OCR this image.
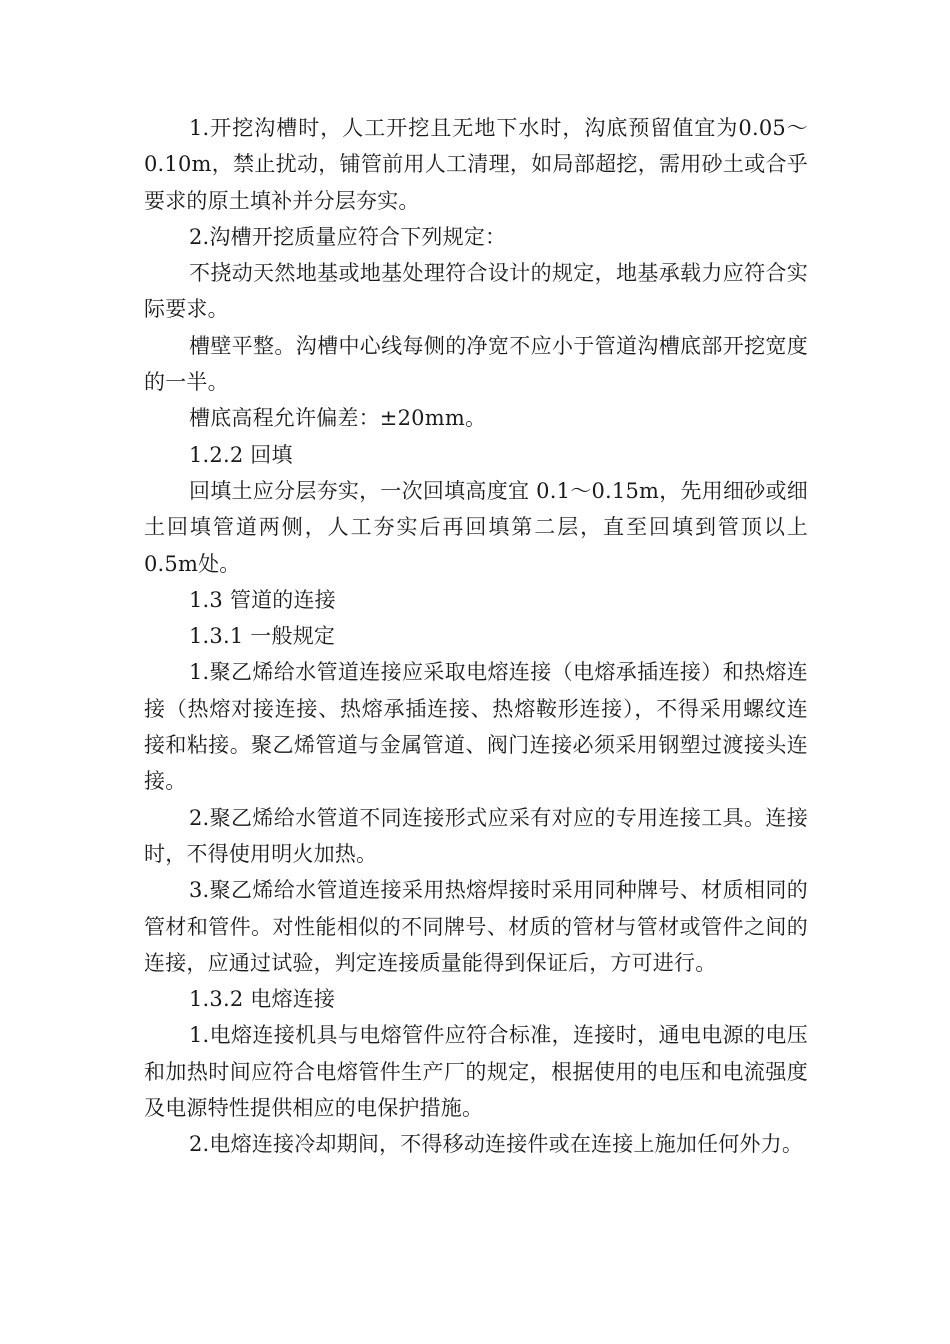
1.开挖沟槽时，人工开挖且无地下水时，沟底预留值宜为0.05～0.10m，禁止扰动，铺管前用人工清理，如局部超挖，需用砂土或合乎要求的原土填补并分层夯实。

2.沟槽开挖质量应符合下列规定：

不挠动天然地基或地基处理符合设计的规定，地基承载力应符合实际要求。

槽壁平整。沟槽中心线每侧的净宽不应小于管道沟槽底部开挖宽度的一半。

槽底高程允许偏差：±20mm。

1.2.2 回填

回填土应分层夯实，一次回填高度宜 0.1～0.15m，先用细砂或细土回填管道两侧，人工夯实后再回填第二层，直至回填到管顶以上0.5m处。

1.3 管道的连接

1.3.1 一般规定

1.聚乙烯给水管道连接应采取电熔连接（电熔承插连接）和热熔连接（热熔对接连接、热熔承插连接、热熔鞍形连接），不得采用螺纹连接和粘接。聚乙烯管道与金属管道、阀门连接必须采用钢塑过渡接头连接。

2.聚乙烯给水管道不同连接形式应采有对应的专用连接工具。连接时，不得使用明火加热。

3.聚乙烯给水管道连接采用热熔焊接时采用同种牌号、材质相同的管材和管件。对性能相似的不同牌号、材质的管材与管材或管件之间的连接，应通过试验，判定连接质量能得到保证后，方可进行。

1.3.2 电熔连接

1.电熔连接机具与电熔管件应符合标准，连接时，通电电源的电压和加热时间应符合电熔管件生产厂的规定，根据使用的电压和电流强度及电源特性提供相应的电保护措施。

2.电熔连接冷却期间，不得移动连接件或在连接上施加任何外力。
